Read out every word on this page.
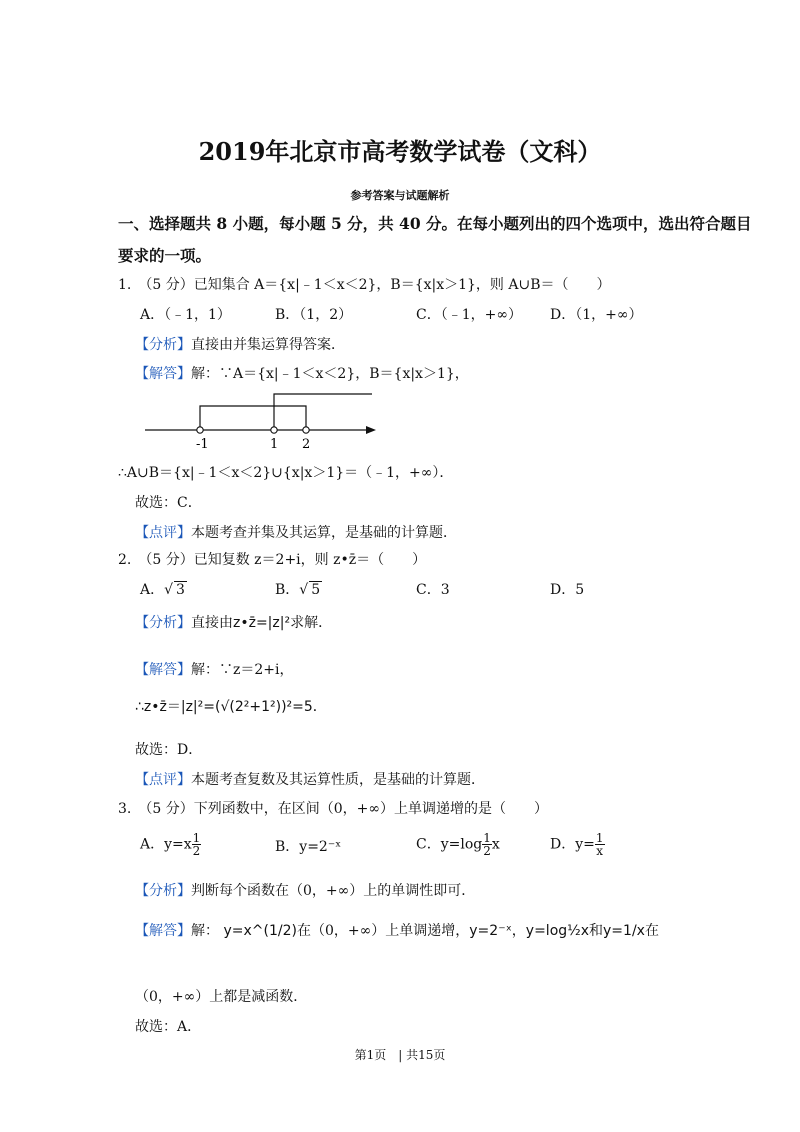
2019年北京市高考数学试卷（文科）
参考答案与试题解析
一、选择题共 8 小题，每小题 5 分，共 40 分。在每小题列出的四个选项中，选出符合题目
要求的一项。
1.　（5 分）已知集合 A＝{x|﹣1＜x＜2}，B＝{x|x＞1}，则 A∪B＝（　　）
A．（﹣1，1）	B．（1，2）	C．（﹣1，+∞） D．（1，+∞）
【分析】直接由并集运算得答案．
【解答】解：∵A＝{x|﹣1＜x＜2}，B＝{x|x＞1}，
-1	1 2
∴A∪B＝{x|﹣1＜x＜2}∪{x|x＞1}＝（﹣1，+∞）．
故选：C．
【点评】本题考查并集及其运算，是基础的计算题．
2.　（5 分）已知复数 z＝2+i，则 z•z̄＝（　　）
A．√ 3	B．√ 5	C．3	D．5
【分析】直接由z•z̄=|z|²求解．
【解答】解：∵z＝2+i，
∴z•z̄＝|z|²=(√(2²+1²))²=5．
故选：D．
【点评】本题考查复数及其运算性质，是基础的计算题．
3.　（5 分）下列函数中，在区间（0，+∞）上单调递增的是（　　）
A．$y=x \frac{1}{2}$	B．y=2⁻ˣ	C．$y=\log \frac{1}{2}$ x	D．$y= \frac{1}{x}$
【分析】判断每个函数在（0，+∞）上的单调性即可．
【解答】解： y=x^(1/2)在（0，+∞）上单调递增，y=2⁻ˣ，y=log½x和y=1/x在
（0，+∞）上都是减函数．
故选：A．
第1页　| 共15页
